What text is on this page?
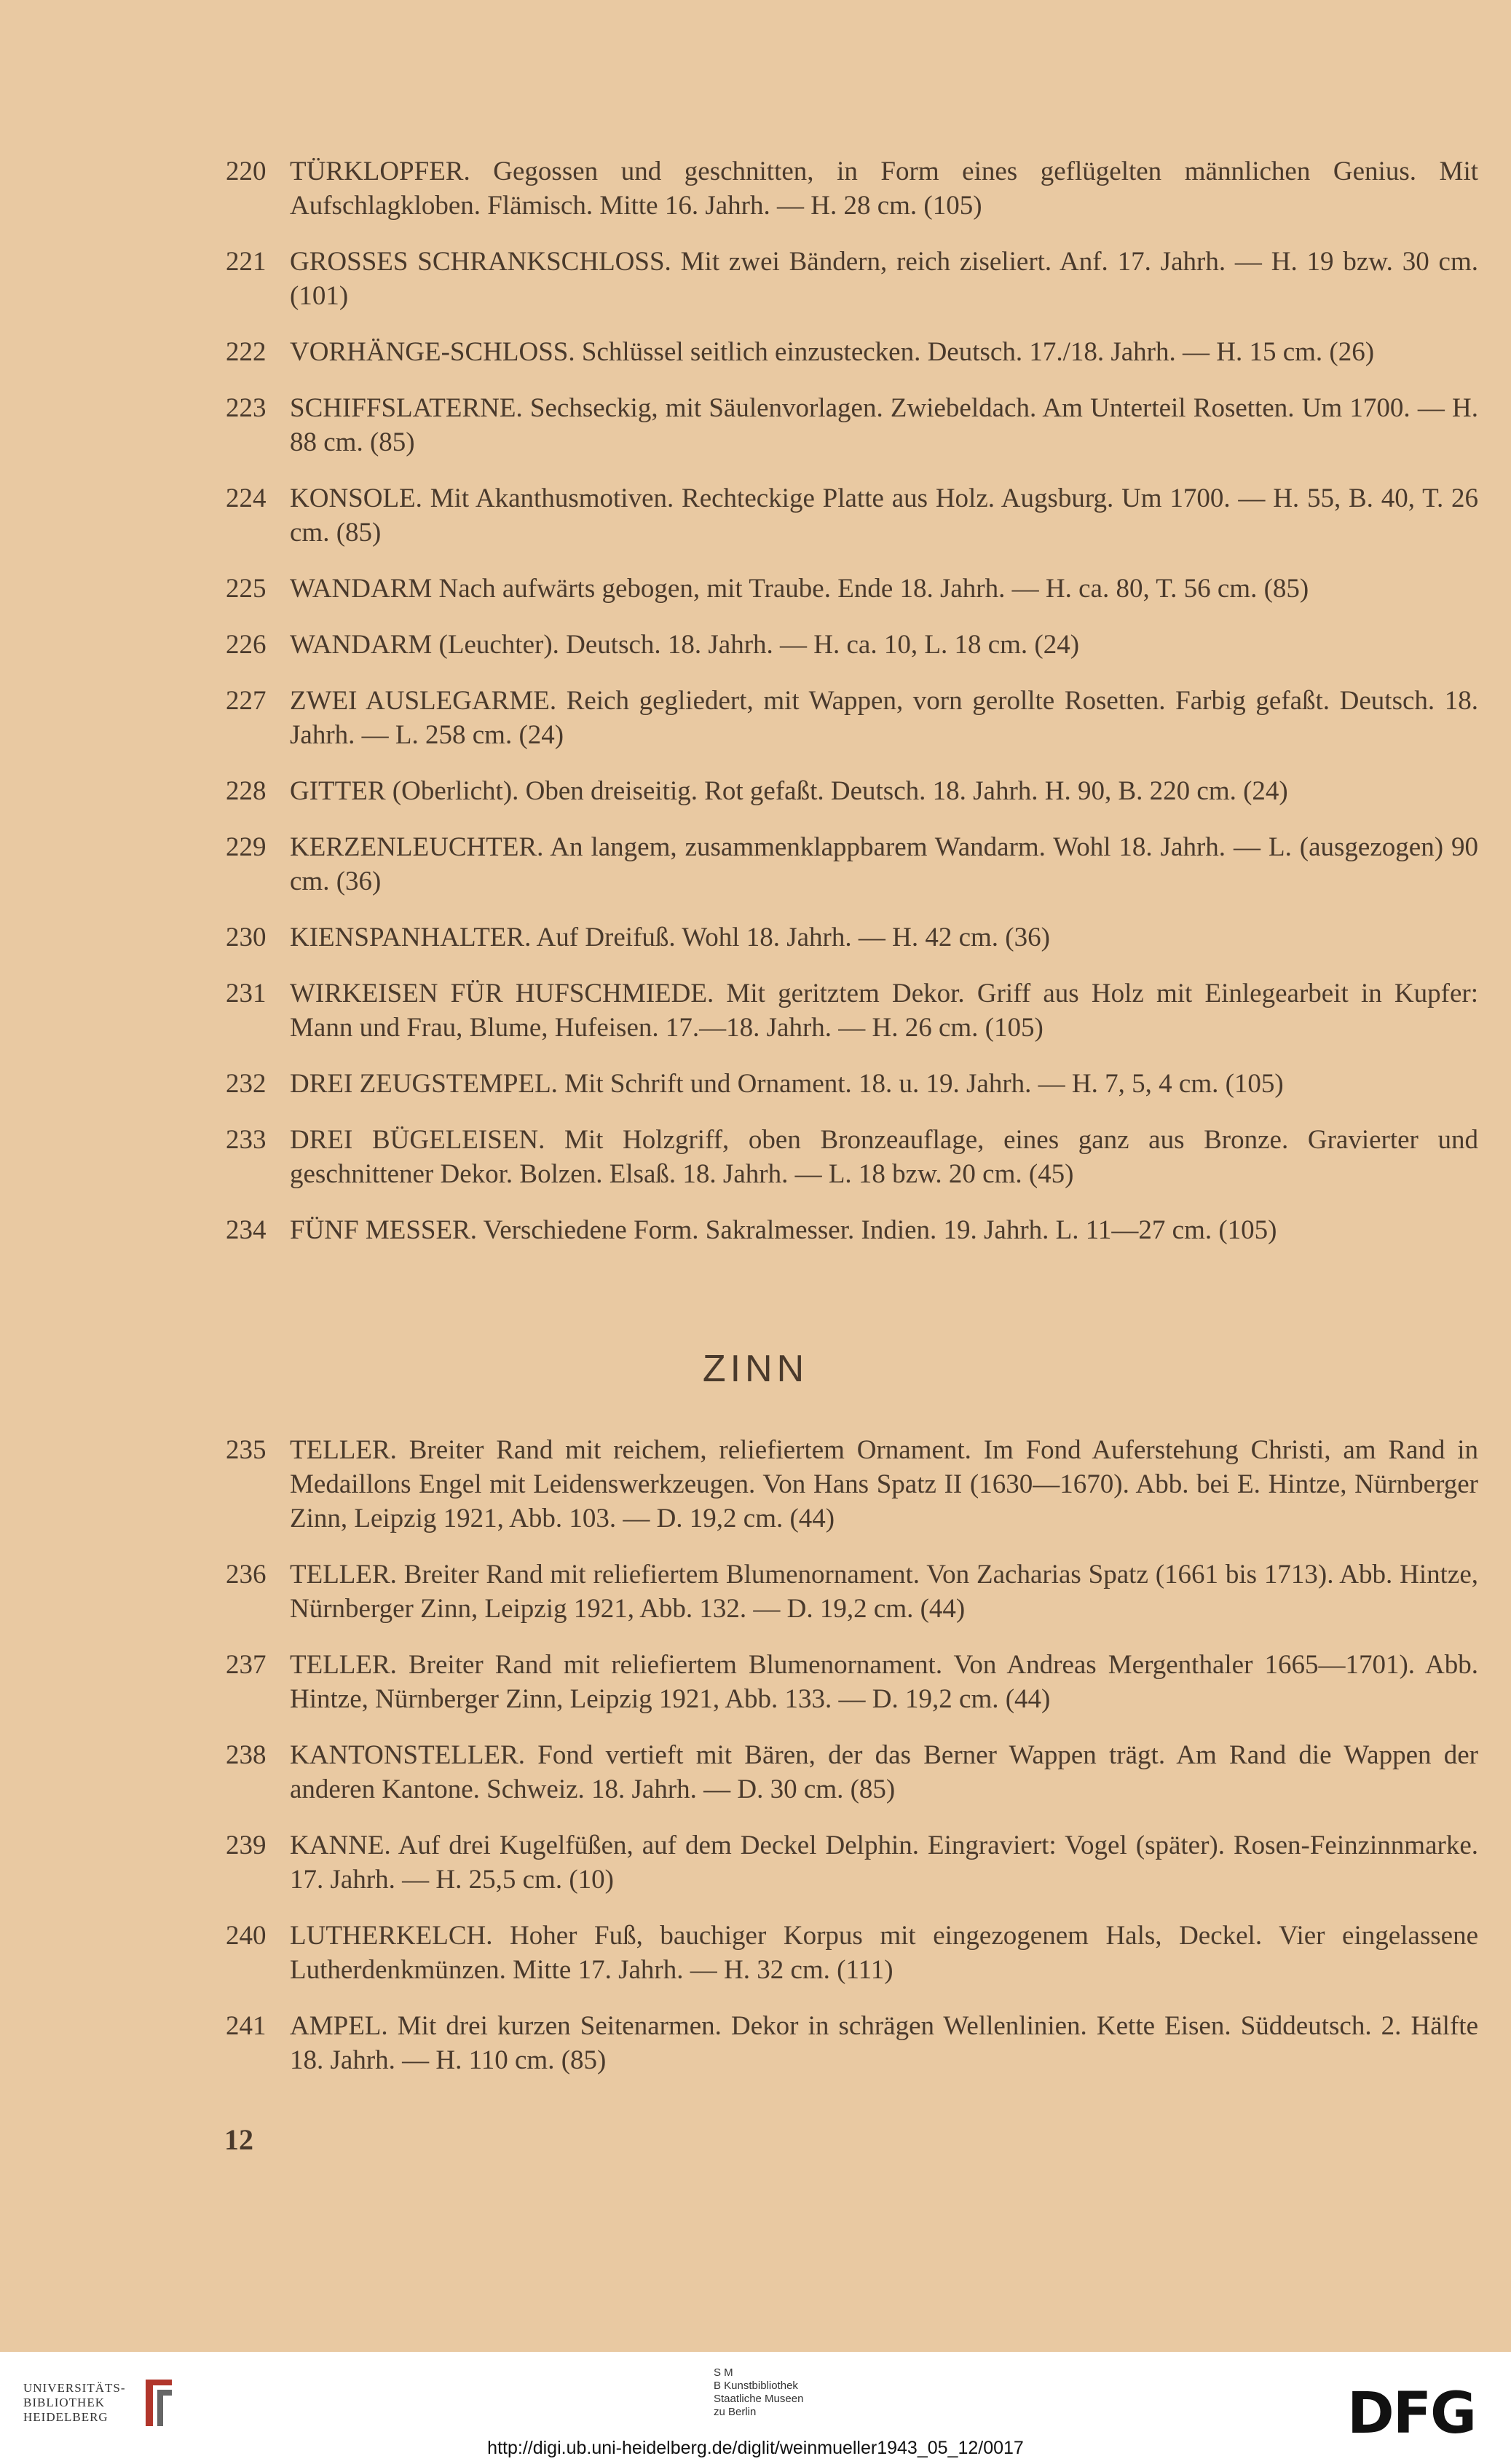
220 TÜRKLOPFER. Gegossen und geschnitten, in Form eines geflügelten männlichen Genius. Mit Aufschlagkloben. Flämisch. Mitte 16. Jahrh. — H. 28 cm. (105)
221 GROSSES SCHRANKSCHLOSS. Mit zwei Bändern, reich ziseliert. Anf. 17. Jahrh. — H. 19 bzw. 30 cm. (101)
222 VORHÄNGE-SCHLOSS. Schlüssel seitlich einzustecken. Deutsch. 17./18. Jahrh. — H. 15 cm. (26)
223 SCHIFFSLATERNE. Sechseckig, mit Säulenvorlagen. Zwiebeldach. Am Unterteil Rosetten. Um 1700. — H. 88 cm. (85)
224 KONSOLE. Mit Akanthusmotiven. Rechteckige Platte aus Holz. Augsburg. Um 1700. — H. 55, B. 40, T. 26 cm. (85)
225 WANDARM Nach aufwärts gebogen, mit Traube. Ende 18. Jahrh. — H. ca. 80, T. 56 cm. (85)
226 WANDARM (Leuchter). Deutsch. 18. Jahrh. — H. ca. 10, L. 18 cm. (24)
227 ZWEI AUSLEGARME. Reich gegliedert, mit Wappen, vorn gerollte Rosetten. Farbig gefaßt. Deutsch. 18. Jahrh. — L. 258 cm. (24)
228 GITTER (Oberlicht). Oben dreiseitig. Rot gefaßt. Deutsch. 18. Jahrh. H. 90, B. 220 cm. (24)
229 KERZENLEUCHTER. An langem, zusammenklappbarem Wandarm. Wohl 18. Jahrh. — L. (ausgezogen) 90 cm. (36)
230 KIENSPANHALTER. Auf Dreifuß. Wohl 18. Jahrh. — H. 42 cm. (36)
231 WIRKEISEN FÜR HUFSCHMIEDE. Mit geritztem Dekor. Griff aus Holz mit Einlegearbeit in Kupfer: Mann und Frau, Blume, Hufeisen. 17.—18. Jahrh. — H. 26 cm. (105)
232 DREI ZEUGSTEMPEL. Mit Schrift und Ornament. 18. u. 19. Jahrh. — H. 7, 5, 4 cm. (105)
233 DREI BÜGELEISEN. Mit Holzgriff, oben Bronzeauflage, eines ganz aus Bronze. Gravierter und geschnittener Dekor. Bolzen. Elsaß. 18. Jahrh. — L. 18 bzw. 20 cm. (45)
234 FÜNF MESSER. Verschiedene Form. Sakralmesser. Indien. 19. Jahrh. L. 11—27 cm. (105)
ZINN
235 TELLER. Breiter Rand mit reichem, reliefiertem Ornament. Im Fond Auferstehung Christi, am Rand in Medaillons Engel mit Leidenswerkzeugen. Von Hans Spatz II (1630—1670). Abb. bei E. Hintze, Nürnberger Zinn, Leipzig 1921, Abb. 103. — D. 19,2 cm. (44)
236 TELLER. Breiter Rand mit reliefiertem Blumenornament. Von Zacharias Spatz (1661 bis 1713). Abb. Hintze, Nürnberger Zinn, Leipzig 1921, Abb. 132. — D. 19,2 cm. (44)
237 TELLER. Breiter Rand mit reliefiertem Blumenornament. Von Andreas Mergenthaler 1665—1701). Abb. Hintze, Nürnberger Zinn, Leipzig 1921, Abb. 133. — D. 19,2 cm. (44)
238 KANTONSTELLER. Fond vertieft mit Bären, der das Berner Wappen trägt. Am Rand die Wappen der anderen Kantone. Schweiz. 18. Jahrh. — D. 30 cm. (85)
239 KANNE. Auf drei Kugelfüßen, auf dem Deckel Delphin. Eingraviert: Vogel (später). Rosen-Feinzinnmarke. 17. Jahrh. — H. 25,5 cm. (10)
240 LUTHERKELCH. Hoher Fuß, bauchiger Korpus mit eingezogenem Hals, Deckel. Vier eingelassene Lutherdenkmünzen. Mitte 17. Jahrh. — H. 32 cm. (111)
241 AMPEL. Mit drei kurzen Seitenarmen. Dekor in schrägen Wellenlinien. Kette Eisen. Süddeutsch. 2. Hälfte 18. Jahrh. — H. 110 cm. (85)
12
UNIVERSITÄTS-
BIBLIOTHEK
HEIDELBERG
S M
B Kunstbibliothek
Staatliche Museen
zu Berlin	DFG
http://digi.ub.uni-heidelberg.de/diglit/weinmueller1943_05_12/0017
